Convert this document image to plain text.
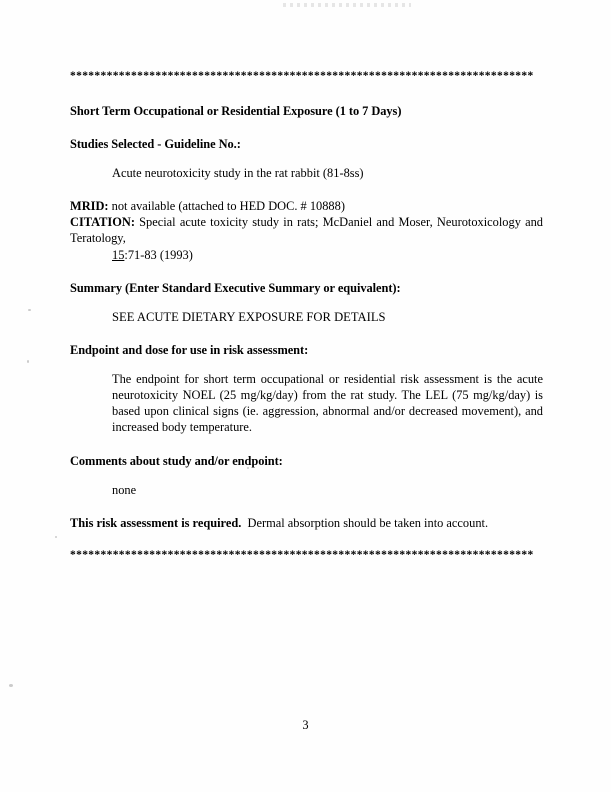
****************************************************************************
Short Term Occupational or Residential Exposure (1 to 7 Days)
Studies Selected - Guideline No.:
Acute neurotoxicity study in the rat rabbit (81-8ss)
MRID: not available (attached to HED DOC. # 10888)
CITATION: Special acute toxicity study in rats; McDaniel and Moser, Neurotoxicology and Teratology,
15:71-83 (1993)
Summary (Enter Standard Executive Summary or equivalent):
SEE ACUTE DIETARY EXPOSURE FOR DETAILS
Endpoint and dose for use in risk assessment:
The endpoint for short term occupational or residential risk assessment is the acute neurotoxicity NOEL (25 mg/kg/day) from the rat study. The LEL (75 mg/kg/day) is based upon clinical signs (ie. aggression, abnormal and/or decreased movement), and increased body temperature.
Comments about study and/or endpoint:
none
This risk assessment is required. Dermal absorption should be taken into account.
****************************************************************************
3
